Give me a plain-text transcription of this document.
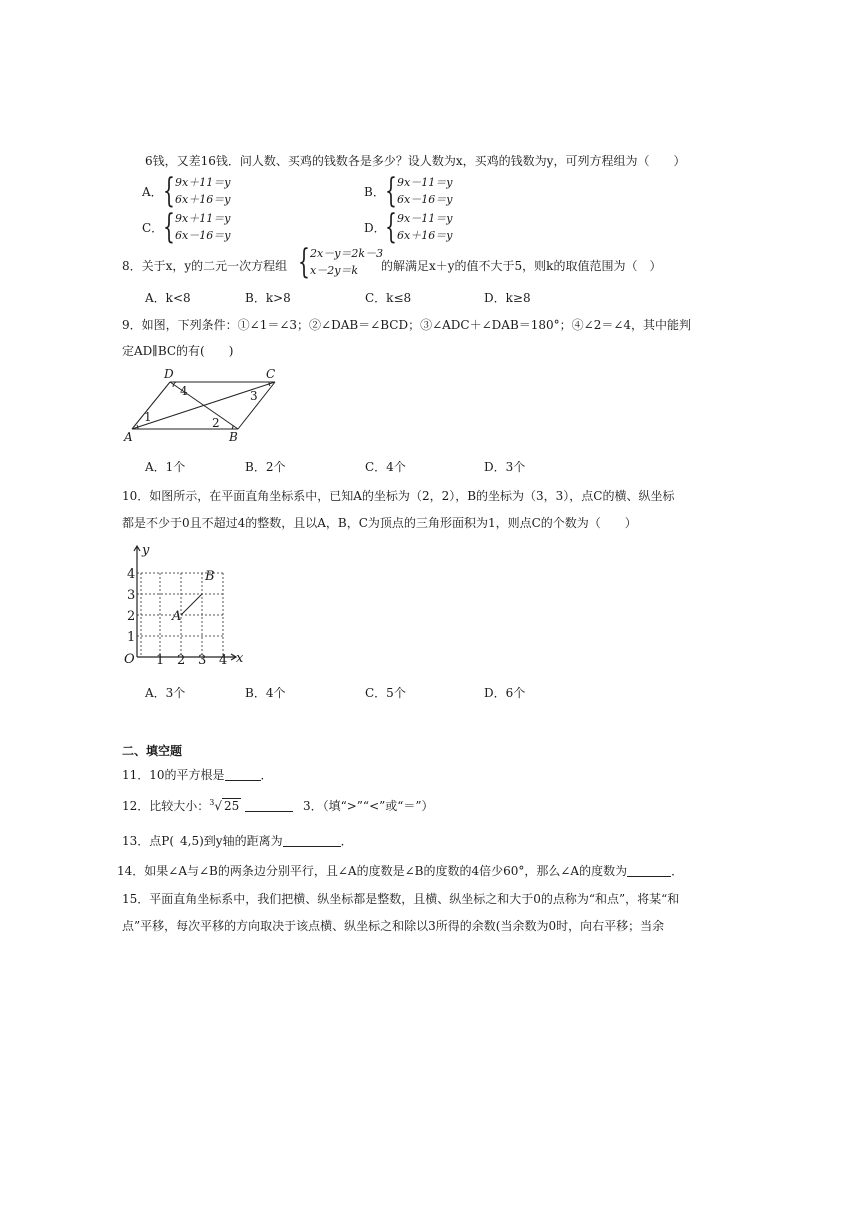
6钱，又差16钱．问人数、买鸡的钱数各是多少？设人数为x，买鸡的钱数为y，可列方程组为（　　）
A． { 9x＋11＝y
6x＋16＝y
B． { 9x－11＝y
6x－16＝y
C． { 9x＋11＝y
6x－16＝y
D． { 9x－11＝y
6x＋16＝y
8．关于x，y的二元一次方程组 { 2x－y＝2k－3
x－2y＝k 的解满足x＋y的值不大于5，则k的取值范围为（　）
A．k<8	B．k>8	C．k≤8	D．k≥8
9．如图，下列条件：①∠1＝∠3；②∠DAB＝∠BCD；③∠ADC＋∠DAB＝180°；④∠2＝∠4，其中能判
定AD∥BC的有(　　)
D	C
A	B
1	2
3
4
A．1个	B．2个	C．4个	D．3个
10．如图所示，在平面直角坐标系中，已知A的坐标为（2，2），B的坐标为（3，3），点C的横、纵坐标
都是不少于0且不超过4的整数，且以A，B，C为顶点的三角形面积为1，则点C的个数为（　　）
y
x
O 1 2 3 4
1
2
3
4
A
B
A．3个	B．4个	C．5个	D．6个
二、填空题
11．10的平方根是	．
12．比较大小：$^3$√ 25	3．（填“>”“<”或“＝”）
13．点P( 4,5)到y轴的距离为	．
14．如果∠A与∠B的两条边分别平行，且∠A的度数是∠B的度数的4倍少60°，那么∠A的度数为	．
15．平面直角坐标系中，我们把横、纵坐标都是整数，且横、纵坐标之和大于0的点称为“和点”，将某“和
点”平移，每次平移的方向取决于该点横、纵坐标之和除以3所得的余数(当余数为0时，向右平移；当余
